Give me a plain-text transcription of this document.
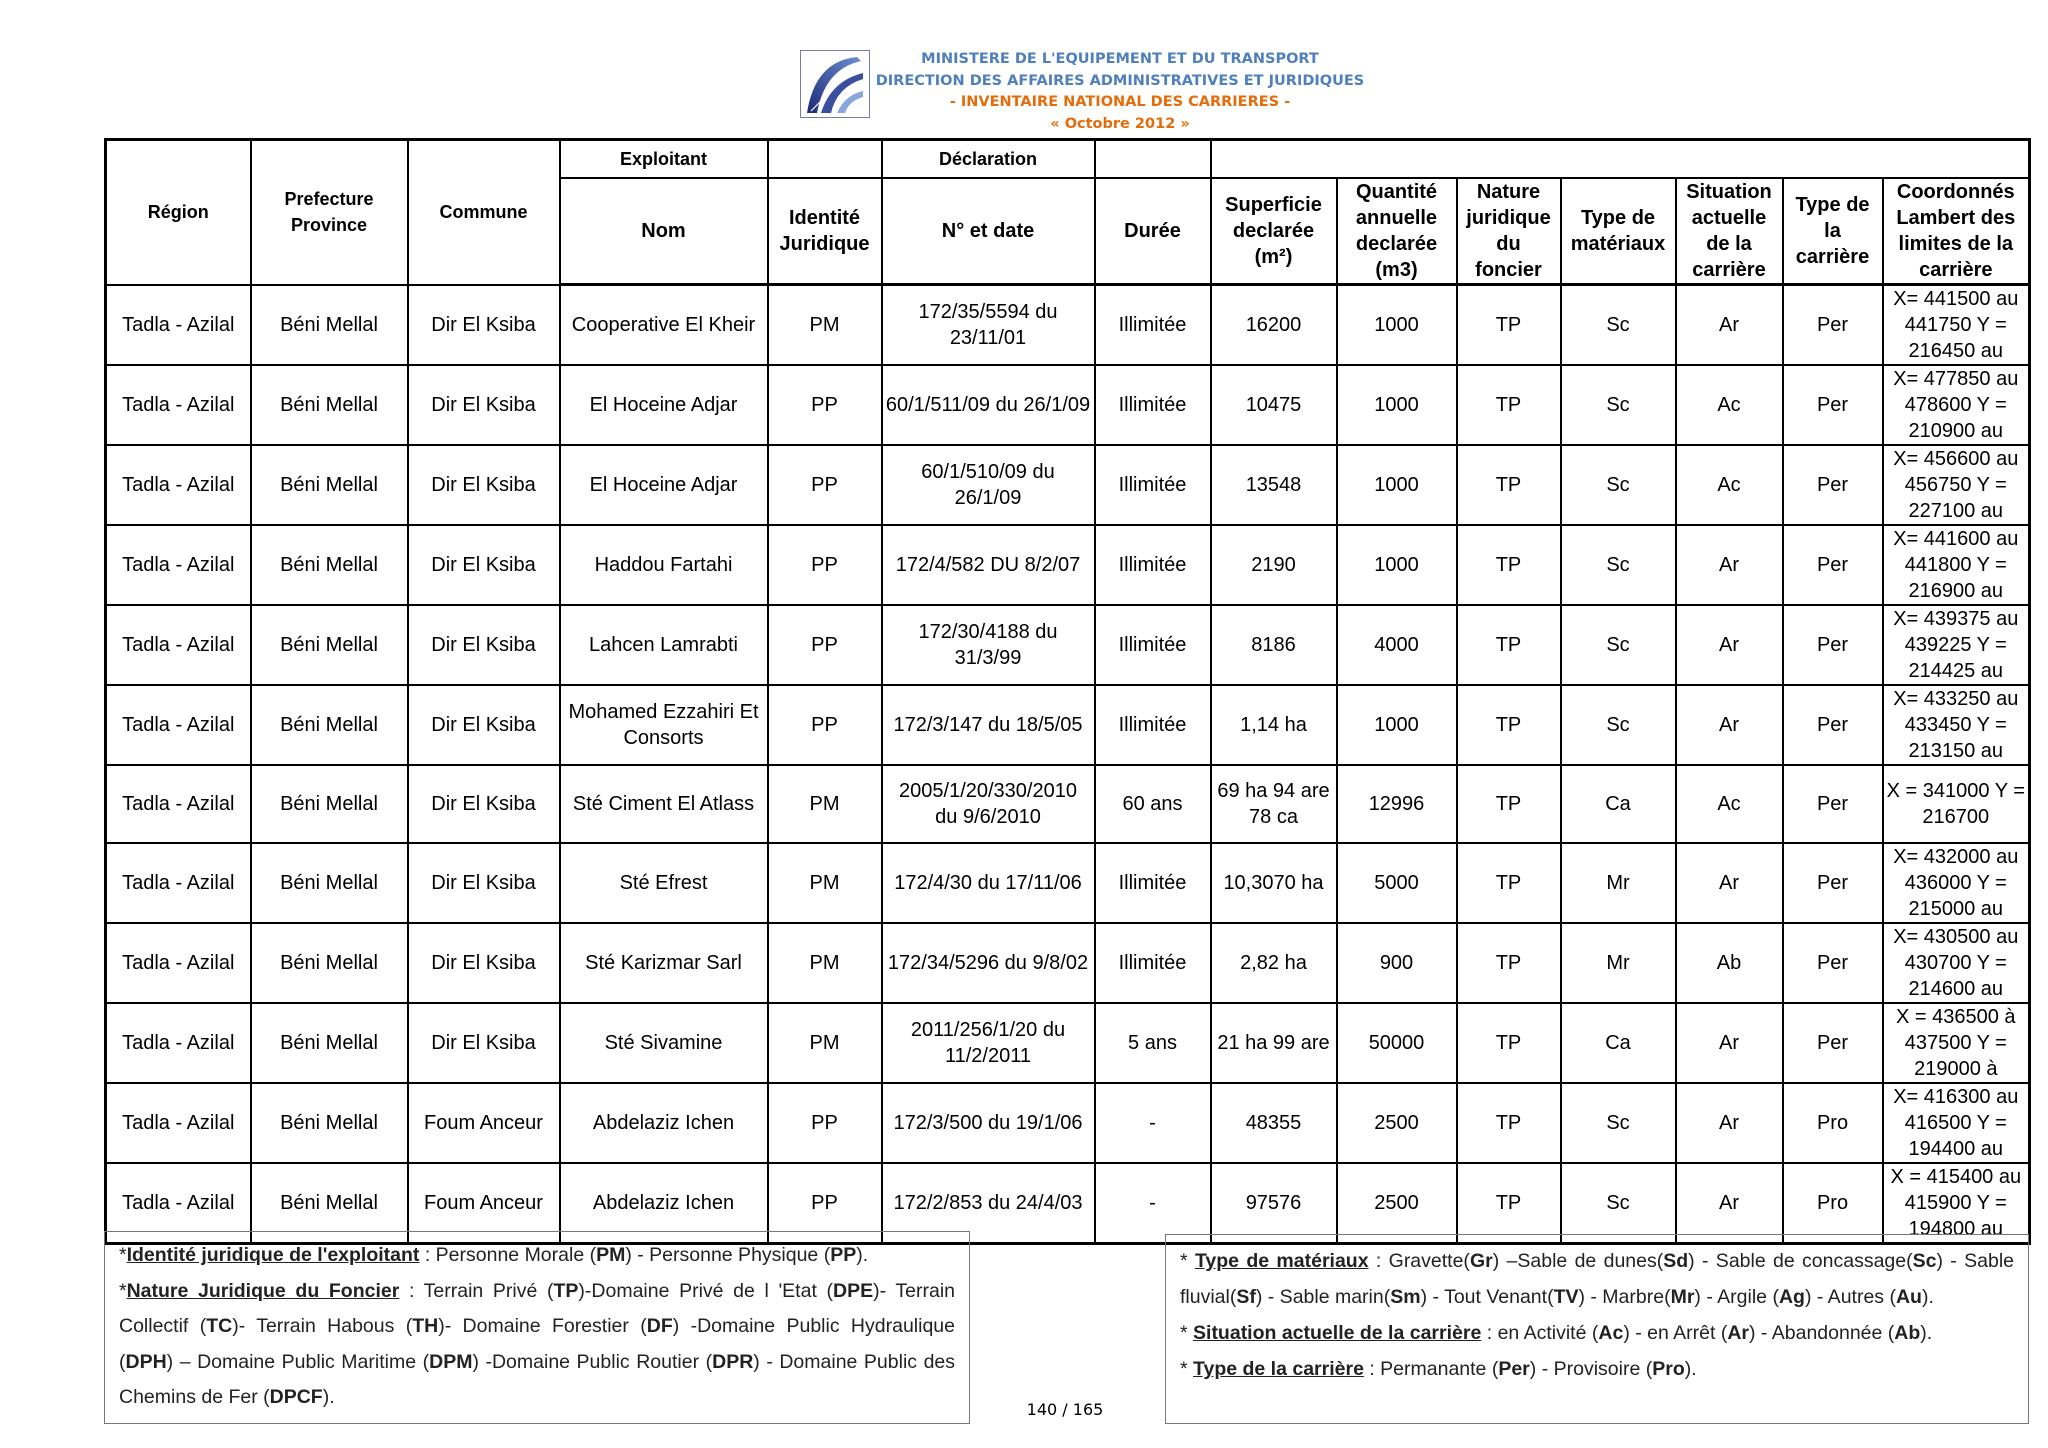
MINISTERE DE L'EQUIPEMENT ET DU TRANSPORT
DIRECTION DES AFFAIRES ADMINISTRATIVES ET JURIDIQUES
- INVENTAIRE NATIONAL DES CARRIERES -
« Octobre 2012 »
Région	Prefecture Province	Commune	Exploitant		Déclaration								
			Nom	Identité Juridique	N° et date	Durée	Superficie declarée (m²)	Quantité annuelle declarée (m3)	Nature juridique du foncier	Type de matériaux	Situation actuelle de la carrière	Type de la carrière	Coordonnés Lambert des limites de la carrière
Tadla - Azilal	Béni Mellal	Dir El Ksiba	Cooperative El Kheir	PM	172/35/5594 du 23/11/01	Illimitée	16200	1000	TP	Sc	Ar	Per	X= 441500 au 441750 Y = 216450 au
Tadla - Azilal	Béni Mellal	Dir El Ksiba	El Hoceine Adjar	PP	60/1/511/09 du 26/1/09	Illimitée	10475	1000	TP	Sc	Ac	Per	X= 477850 au 478600 Y = 210900 au
Tadla - Azilal	Béni Mellal	Dir El Ksiba	El Hoceine Adjar	PP	60/1/510/09 du 26/1/09	Illimitée	13548	1000	TP	Sc	Ac	Per	X= 456600 au 456750 Y = 227100 au
Tadla - Azilal	Béni Mellal	Dir El Ksiba	Haddou Fartahi	PP	172/4/582 DU 8/2/07	Illimitée	2190	1000	TP	Sc	Ar	Per	X= 441600 au 441800 Y = 216900 au
Tadla - Azilal	Béni Mellal	Dir El Ksiba	Lahcen Lamrabti	PP	172/30/4188 du 31/3/99	Illimitée	8186	4000	TP	Sc	Ar	Per	X= 439375 au 439225 Y = 214425 au
Tadla - Azilal	Béni Mellal	Dir El Ksiba	Mohamed Ezzahiri Et Consorts	PP	172/3/147 du 18/5/05	Illimitée	1,14 ha	1000	TP	Sc	Ar	Per	X= 433250 au 433450 Y = 213150 au
Tadla - Azilal	Béni Mellal	Dir El Ksiba	Sté Ciment El Atlass	PM	2005/1/20/330/2010 du 9/6/2010	60 ans	69 ha 94 are 78 ca	12996	TP	Ca	Ac	Per	X = 341000 Y = 216700
Tadla - Azilal	Béni Mellal	Dir El Ksiba	Sté Efrest	PM	172/4/30 du 17/11/06	Illimitée	10,3070 ha	5000	TP	Mr	Ar	Per	X= 432000 au 436000 Y = 215000 au
Tadla - Azilal	Béni Mellal	Dir El Ksiba	Sté Karizmar Sarl	PM	172/34/5296 du 9/8/02	Illimitée	2,82 ha	900	TP	Mr	Ab	Per	X= 430500 au 430700 Y = 214600 au
Tadla - Azilal	Béni Mellal	Dir El Ksiba	Sté Sivamine	PM	2011/256/1/20 du 11/2/2011	5 ans	21 ha 99 are	50000	TP	Ca	Ar	Per	X = 436500 à 437500 Y = 219000 à
Tadla - Azilal	Béni Mellal	Foum Anceur	Abdelaziz Ichen	PP	172/3/500 du 19/1/06	-	48355	2500	TP	Sc	Ar	Pro	X= 416300 au 416500 Y = 194400 au
Tadla - Azilal	Béni Mellal	Foum Anceur	Abdelaziz Ichen	PP	172/2/853 du 24/4/03	-	97576	2500	TP	Sc	Ar	Pro	X = 415400 au 415900 Y = 194800 au

*Identité juridique de l'exploitant : Personne Morale (PM) - Personne Physique (PP).

*Nature Juridique du Foncier : Terrain Privé (TP)-Domaine Privé de l 'Etat (DPE)- Terrain Collectif (TC)- Terrain Habous (TH)- Domaine Forestier (DF) -Domaine Public Hydraulique (DPH) – Domaine Public Maritime (DPM) -Domaine Public Routier (DPR) - Domaine Public des Chemins de Fer (DPCF).

* Type de matériaux : Gravette(Gr) –Sable de dunes(Sd) - Sable de concassage(Sc) - Sable fluvial(Sf) - Sable marin(Sm) - Tout Venant(TV) - Marbre(Mr) - Argile (Ag) - Autres (Au).

* Situation actuelle de la carrière : en Activité (Ac) - en Arrêt (Ar) - Abandonnée (Ab).

* Type de la carrière : Permanante (Per) - Provisoire (Pro).

140 / 165
